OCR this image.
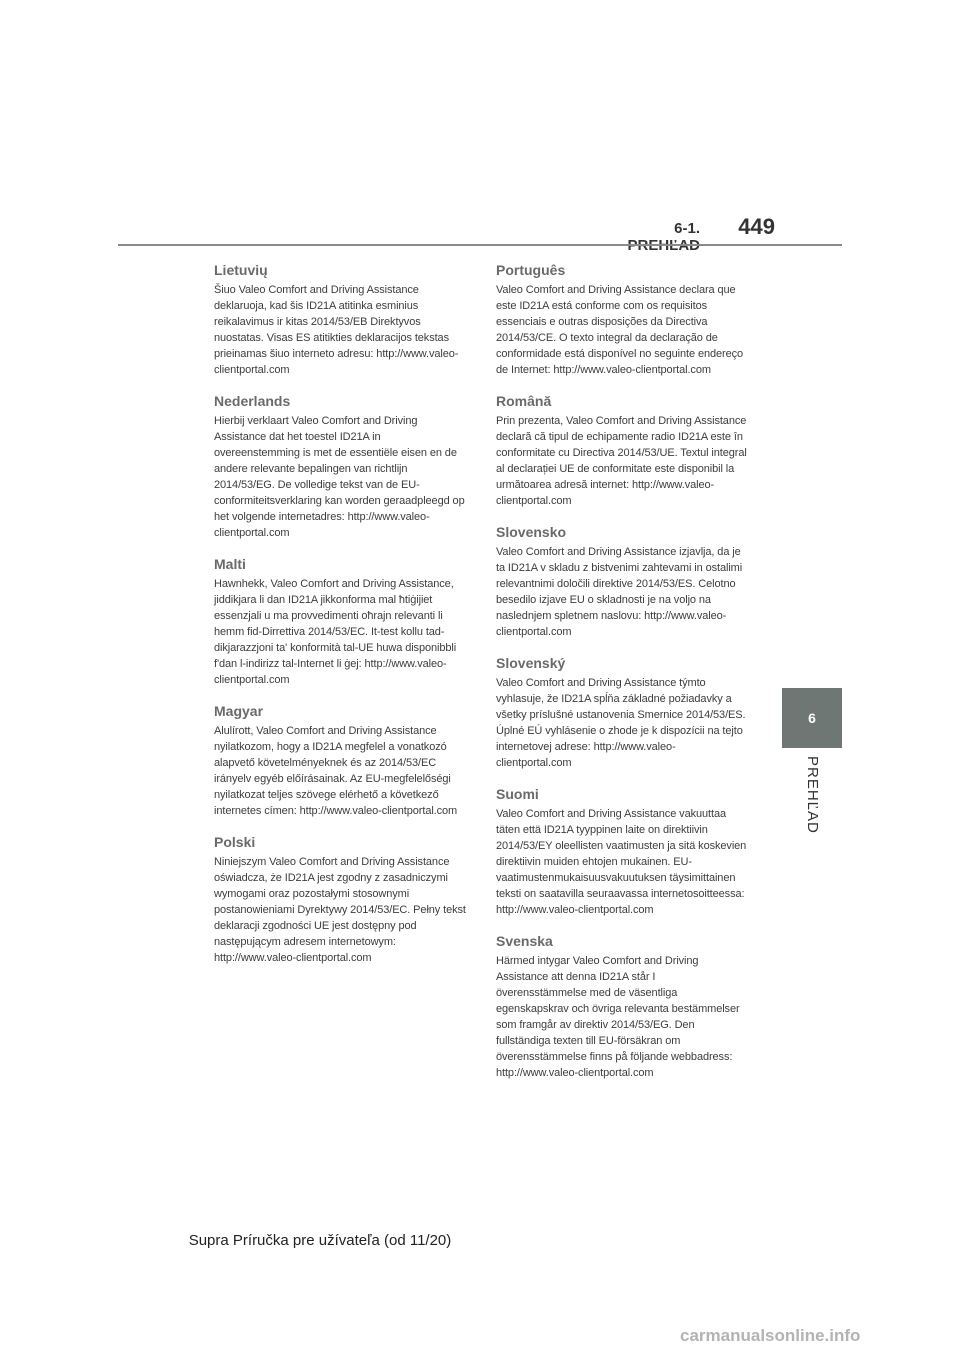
6-1.	449
6
PREHĽAD
Lietuvių

Šiuo Valeo Comfort and Driving Assistance deklaruoja, kad šis ID21A atitinka esminius reikalavimus ir kitas 2014/53/EB Direktyvos nuostatas. Visas ES atitikties deklaracijos tekstas prieinamas šiuo interneto adresu: http://www.valeo-clientportal.com

Nederlands

Hierbij verklaart Valeo Comfort and Driving Assistance dat het toestel ID21A in overeenstemming is met de essentiële eisen en de andere relevante bepalingen van richtlijn 2014/53/EG. De volledige tekst van de EU-conformiteitsverklaring kan worden geraadpleegd op het volgende internetadres: http://www.valeo-clientportal.com

Malti

Hawnhekk, Valeo Comfort and Driving Assistance, jiddikjara li dan ID21A jikkonforma mal ħtiġijiet essenzjali u ma provvedimenti oħrajn relevanti li hemm fid-Dirrettiva 2014/53/EC. It-test kollu tad-dikjarazzjoni ta' konformità tal-UE huwa disponibbli f'dan l-indirizz tal-Internet li ġej: http://www.valeo-clientportal.com

Magyar

Alulírott, Valeo Comfort and Driving Assistance nyilatkozom, hogy a ID21A megfelel a vonatkozó alapvető követelményeknek és az 2014/53/EC irányelv egyéb előírásainak. Az EU-megfelelőségi nyilatkozat teljes szövege elérhető a következő internetes címen: http://www.valeo-clientportal.com

Polski

Niniejszym Valeo Comfort and Driving Assistance oświadcza, że ID21A jest zgodny z zasadniczymi wymogami oraz pozostałymi stosownymi postanowieniami Dyrektywy 2014/53/EC. Pełny tekst deklaracji zgodności UE jest dostępny pod następującym adresem internetowym: http://www.valeo-clientportal.com

Português

Valeo Comfort and Driving Assistance declara que este ID21A está conforme com os requisitos essenciais e outras disposições da Directiva 2014/53/CE. O texto integral da declaração de conformidade está disponível no seguinte endereço de Internet: http://www.valeo-clientportal.com

Română

Prin prezenta, Valeo Comfort and Driving Assistance declară că tipul de echipamente radio ID21A este în conformitate cu Directiva 2014/53/UE. Textul integral al declarației UE de conformitate este disponibil la următoarea adresă internet: http://www.valeo-clientportal.com

Slovensko

Valeo Comfort and Driving Assistance izjavlja, da je ta ID21A v skladu z bistvenimi zahtevami in ostalimi relevantnimi določili direktive 2014/53/ES. Celotno besedilo izjave EU o skladnosti je na voljo na naslednjem spletnem naslovu: http://www.valeo-clientportal.com

Slovenský

Valeo Comfort and Driving Assistance týmto vyhlasuje, že ID21A spĺňa základné požiadavky a všetky príslušné ustanovenia Smernice 2014/53/ES. Úplné EÚ vyhlásenie o zhode je k dispozícii na tejto internetovej adrese: http://www.valeo-clientportal.com

Suomi

Valeo Comfort and Driving Assistance vakuuttaa täten että ID21A tyyppinen laite on direktiivin 2014/53/EY oleellisten vaatimusten ja sitä koskevien direktiivin muiden ehtojen mukainen. EU-vaatimustenmukaisuusvakuutuksen täysimittainen teksti on saatavilla seuraavassa internetosoitteessa: http://www.valeo-clientportal.com

Svenska

Härmed intygar Valeo Comfort and Driving Assistance att denna ID21A står I överensstämmelse med de väsentliga egenskapskrav och övriga relevanta bestämmelser som framgår av direktiv 2014/53/EG. Den fullständiga texten till EU-försäkran om överensstämmelse finns på följande webbadress: http://www.valeo-clientportal.com

Supra Príručka pre užívateľa (od 11/20)
carmanualsonline.info
